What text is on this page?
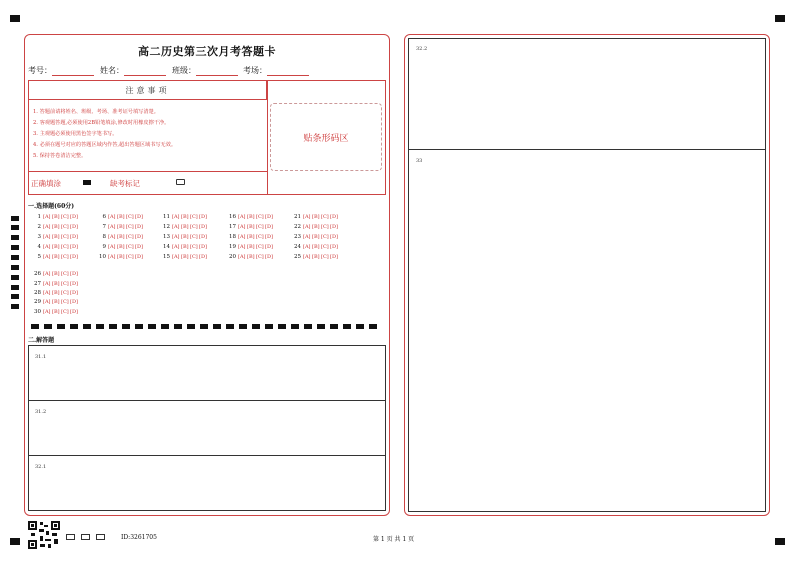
高二历史第三次月考答题卡
考号：	姓名：	班级：	考场：
注意事项
1. 答题前请将姓名、班级、考场、准考证号填写清楚。
2. 客观题答题,必须使用2B铅笔填涂,修改时用橡皮擦干净。
3. 主观题必须使用黑色签字笔书写。
4. 必须在题号对应的答题区域内作答,超出答题区域书写无效。
5. 保持答卷清洁完整。
贴条形码区
正确填涂	缺考标记
一.选择题(60分)
1 [A][B][C][D]	6 [A][B][C][D]	11 [A][B][C][D]	16 [A][B][C][D]	21 [A][B][C][D]
2 [A][B][C][D]	7 [A][B][C][D]	12 [A][B][C][D]	17 [A][B][C][D]	22 [A][B][C][D]
3 [A][B][C][D]	8 [A][B][C][D]	13 [A][B][C][D]	18 [A][B][C][D]	23 [A][B][C][D]
4 [A][B][C][D]	9 [A][B][C][D]	14 [A][B][C][D]	19 [A][B][C][D]	24 [A][B][C][D]
5 [A][B][C][D]	10 [A][B][C][D]	15 [A][B][C][D]	20 [A][B][C][D]	25 [A][B][C][D]
26 [A][B][C][D]
27 [A][B][C][D]
28 [A][B][C][D]
29 [A][B][C][D]
30 [A][B][C][D]
二.解答题
31.1
31.2
32.1
32.2
33
ID:3261705	第 1 页 共 1 页
